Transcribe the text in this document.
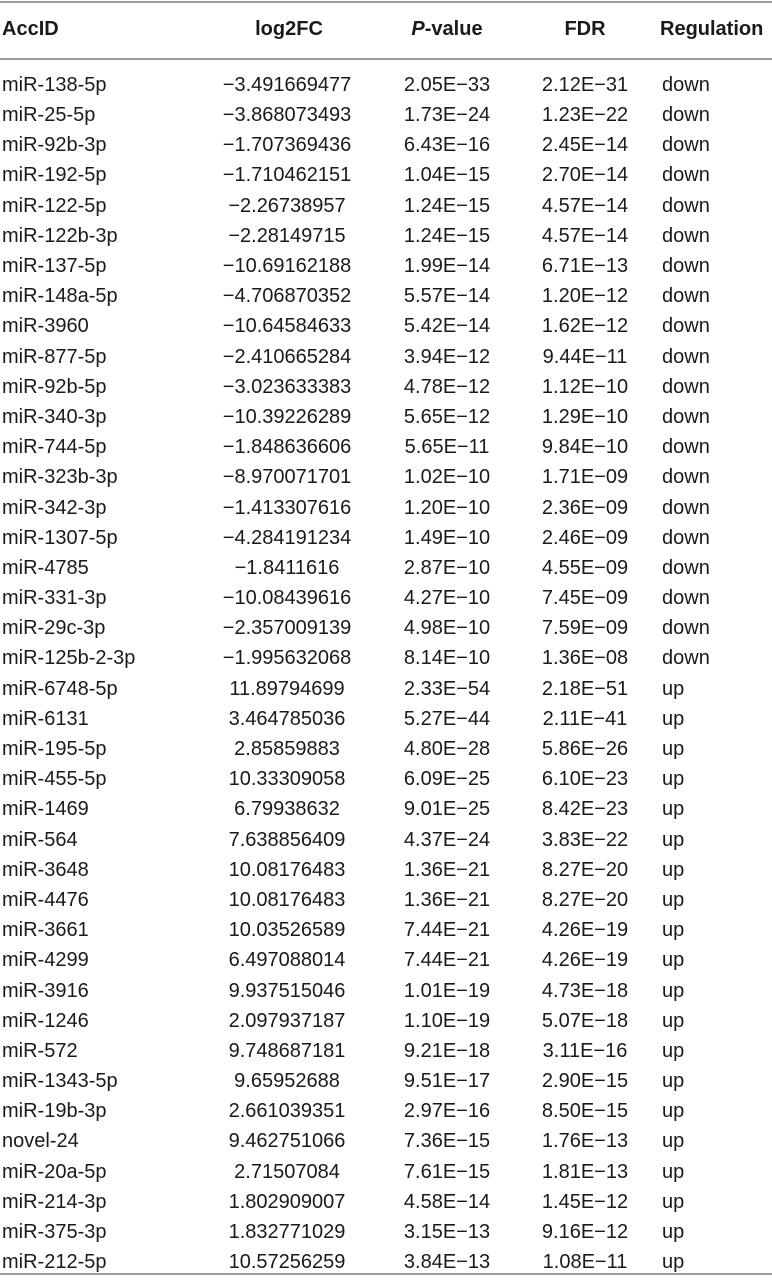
AccID	log2FC	P-value	FDR	Regulation
miR-138-5p	−3.491669477	2.05E−33	2.12E−31	down
miR-25-5p	−3.868073493	1.73E−24	1.23E−22	down
miR-92b-3p	−1.707369436	6.43E−16	2.45E−14	down
miR-192-5p	−1.710462151	1.04E−15	2.70E−14	down
miR-122-5p	−2.26738957	1.24E−15	4.57E−14	down
miR-122b-3p	−2.28149715	1.24E−15	4.57E−14	down
miR-137-5p	−10.69162188	1.99E−14	6.71E−13	down
miR-148a-5p	−4.706870352	5.57E−14	1.20E−12	down
miR-3960	−10.64584633	5.42E−14	1.62E−12	down
miR-877-5p	−2.410665284	3.94E−12	9.44E−11	down
miR-92b-5p	−3.023633383	4.78E−12	1.12E−10	down
miR-340-3p	−10.39226289	5.65E−12	1.29E−10	down
miR-744-5p	−1.848636606	5.65E−11	9.84E−10	down
miR-323b-3p	−8.970071701	1.02E−10	1.71E−09	down
miR-342-3p	−1.413307616	1.20E−10	2.36E−09	down
miR-1307-5p	−4.284191234	1.49E−10	2.46E−09	down
miR-4785	−1.8411616	2.87E−10	4.55E−09	down
miR-331-3p	−10.08439616	4.27E−10	7.45E−09	down
miR-29c-3p	−2.357009139	4.98E−10	7.59E−09	down
miR-125b-2-3p	−1.995632068	8.14E−10	1.36E−08	down
miR-6748-5p	11.89794699	2.33E−54	2.18E−51	up
miR-6131	3.464785036	5.27E−44	2.11E−41	up
miR-195-5p	2.85859883	4.80E−28	5.86E−26	up
miR-455-5p	10.33309058	6.09E−25	6.10E−23	up
miR-1469	6.79938632	9.01E−25	8.42E−23	up
miR-564	7.638856409	4.37E−24	3.83E−22	up
miR-3648	10.08176483	1.36E−21	8.27E−20	up
miR-4476	10.08176483	1.36E−21	8.27E−20	up
miR-3661	10.03526589	7.44E−21	4.26E−19	up
miR-4299	6.497088014	7.44E−21	4.26E−19	up
miR-3916	9.937515046	1.01E−19	4.73E−18	up
miR-1246	2.097937187	1.10E−19	5.07E−18	up
miR-572	9.748687181	9.21E−18	3.11E−16	up
miR-1343-5p	9.65952688	9.51E−17	2.90E−15	up
miR-19b-3p	2.661039351	2.97E−16	8.50E−15	up
novel-24	9.462751066	7.36E−15	1.76E−13	up
miR-20a-5p	2.71507084	7.61E−15	1.81E−13	up
miR-214-3p	1.802909007	4.58E−14	1.45E−12	up
miR-375-3p	1.832771029	3.15E−13	9.16E−12	up
miR-212-5p	10.57256259	3.84E−13	1.08E−11	up
